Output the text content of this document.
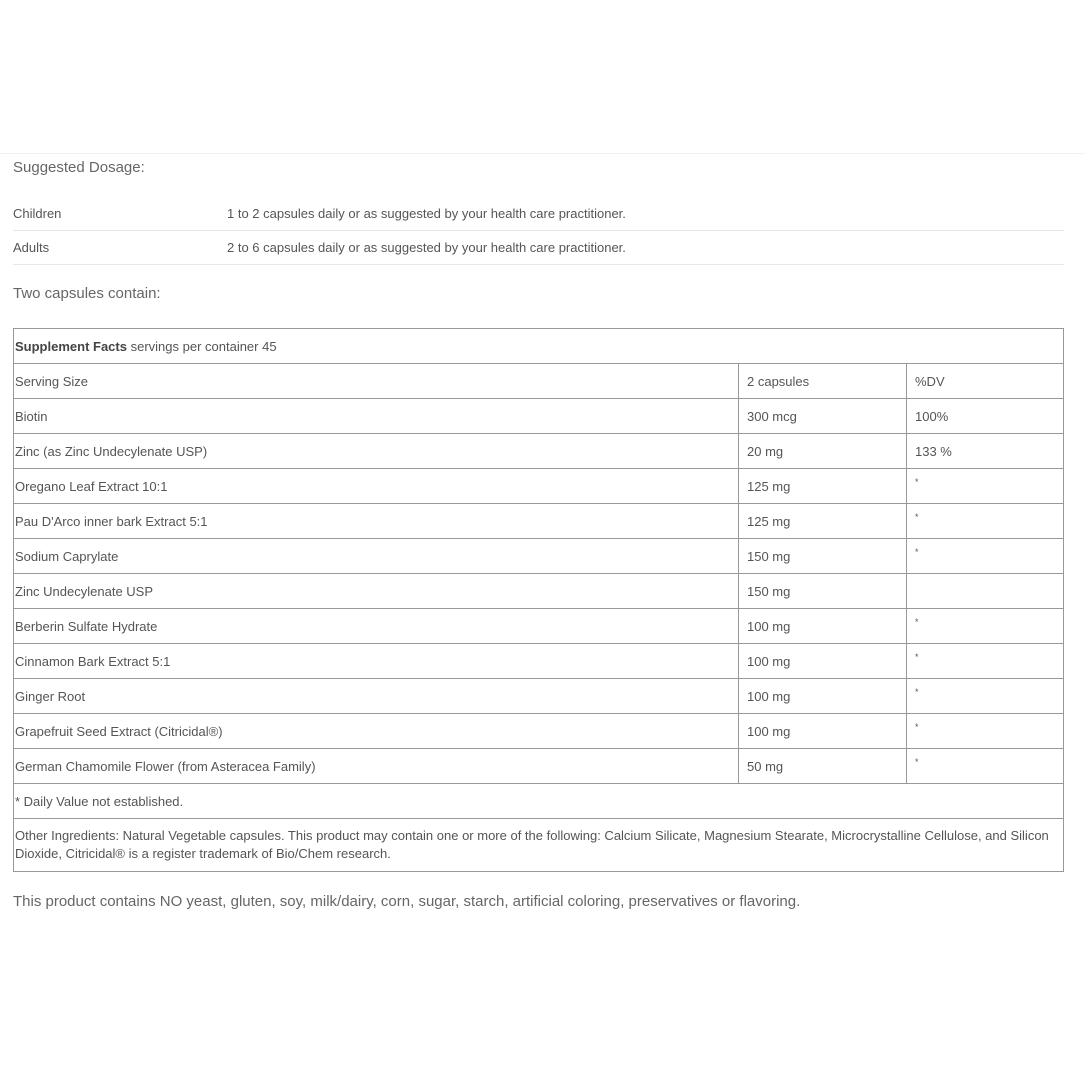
Suggested Dosage:

Children	1 to 2 capsules daily or as suggested by your health care practitioner.
Adults	2 to 6 capsules daily or as suggested by your health care practitioner.

Two capsules contain:

Supplement Facts servings per container 45		
Serving Size	2 capsules	%DV
Biotin	300 mcg	100%
Zinc (as Zinc Undecylenate USP)	20 mg	133 %
Oregano Leaf Extract 10:1	125 mg	*
Pau D'Arco inner bark Extract 5:1	125 mg	*
Sodium Caprylate	150 mg	*
Zinc Undecylenate USP	150 mg	
Berberin Sulfate Hydrate	100 mg	*
Cinnamon Bark Extract 5:1	100 mg	*
Ginger Root	100 mg	*
Grapefruit Seed Extract (Citricidal®)	100 mg	*
German Chamomile Flower (from Asteracea Family)	50 mg	*
* Daily Value not established.		
Other Ingredients: Natural Vegetable capsules. This product may contain one or more of the following: Calcium Silicate, Magnesium Stearate, Microcrystalline Cellulose, and Silicon Dioxide, Citricidal® is a register trademark of Bio/Chem research.		

This product contains NO yeast, gluten, soy, milk/dairy, corn, sugar, starch, artificial coloring, preservatives or flavoring.
